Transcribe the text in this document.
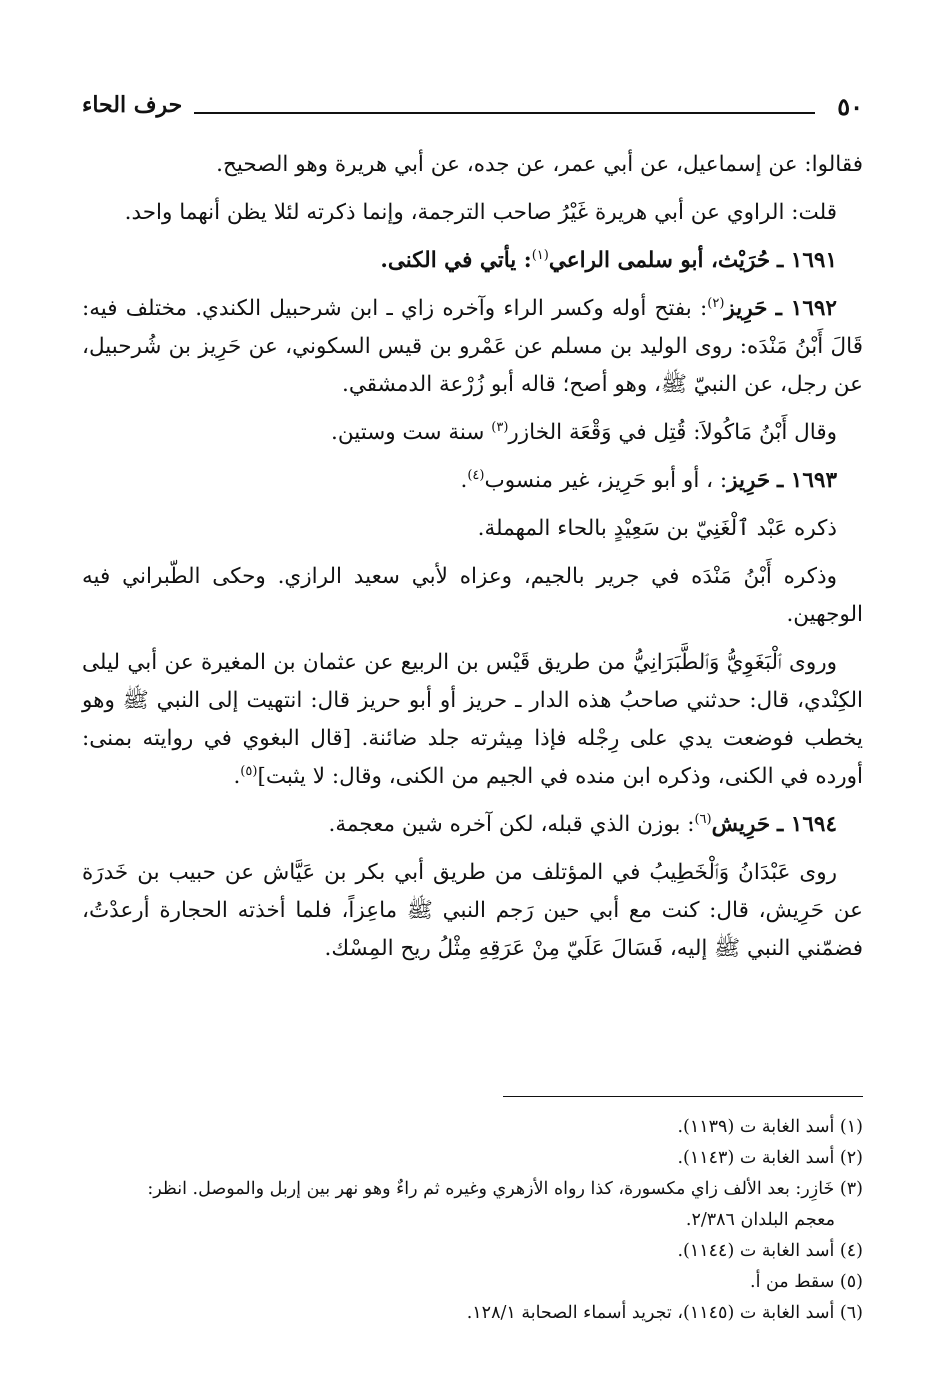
٥٠
حرف الحاء

فقالوا: عن إسماعيل، عن أبي عمر، عن جده، عن أبي هريرة وهو الصحيح.

قلت: الراوي عن أبي هريرة غَيْرُ صاحب الترجمة، وإنما ذكرته لئلا يظن أنهما واحد.

١٦٩١ ـ حُرَيْث، أبو سلمى الراعي$^{(١)}$: يأتي في الكنى.

١٦٩٢ ـ حَرِيز$^{(٢)}$: بفتح أوله وكسر الراء وآخره زاي ـ ابن شرحبيل الكندي. مختلف فيه: قَالَ أَبْنُ مَنْدَه: روى الوليد بن مسلم عن عَمْرو بن قيس السكوني، عن حَرِيز بن شُرحبيل، عن رجل، عن النبيّ ﷺ، وهو أصح؛ قاله أبو زُرْعة الدمشقي.

وقال أَبْنُ مَاكُولاَ: قُتِل في وَقْعَة الخازر$^{(٣)}$ سنة ست وستين.

١٦٩٣ ـ حَرِيز: ، أو أبو حَرِيز، غير منسوب$^{(٤)}$.

ذكره عَبْد ٱلْغَنِيّ بن سَعِيْدٍ بالحاء المهملة.

وذكره أَبْنُ مَنْدَه في جرير بالجيم، وعزاه لأبي سعيد الرازي. وحكى الطّبراني فيه الوجهين.

وروى ٱلْبَغَوِيُّ وَٱلطَّبَرَانِيُّ من طريق قَيْس بن الربيع عن عثمان بن المغيرة عن أبي ليلى الكِنْدي، قال: حدثني صاحبُ هذه الدار ـ حريز أو أبو حريز قال: انتهيت إلى النبي ﷺ وهو يخطب فوضعت يدي على رِجْله فإذا مِيثرته جلد ضائنة. [قال البغوي في روايته بمنى: أورده في الكنى، وذكره ابن منده في الجيم من الكنى، وقال: لا يثبت]$^{(٥)}$.

١٦٩٤ ـ حَرِيش$^{(٦)}$: بوزن الذي قبله، لكن آخره شين معجمة.

روى عَبْدَانُ وَٱلْخَطِيبُ في المؤتلف من طريق أبي بكر بن عَيَّاش عن حبيب بن خَدرَة عن حَرِيش، قال: كنت مع أبي حين رَجم النبي ﷺ ماعِزاً، فلما أخذته الحجارة أرعدْتُ، فضمّني النبي ﷺ إليه، فَسَالَ عَلَيّ مِنْ عَرَقِهِ مِثْلُ ريح المِسْك.

(١) أسد الغابة ت (١١٣٩).

(٢) أسد الغابة ت (١١٤٣).

(٣) خَازِر: بعد الألف زاي مكسورة، كذا رواه الأزهري وغيره ثم راءٌ وهو نهر بين إربل والموصل. انظر:

معجم البلدان ٢/٣٨٦.

(٤) أسد الغابة ت (١١٤٤).

(٥) سقط من أ.

(٦) أسد الغابة ت (١١٤٥)، تجريد أسماء الصحابة ١٢٨/١.
